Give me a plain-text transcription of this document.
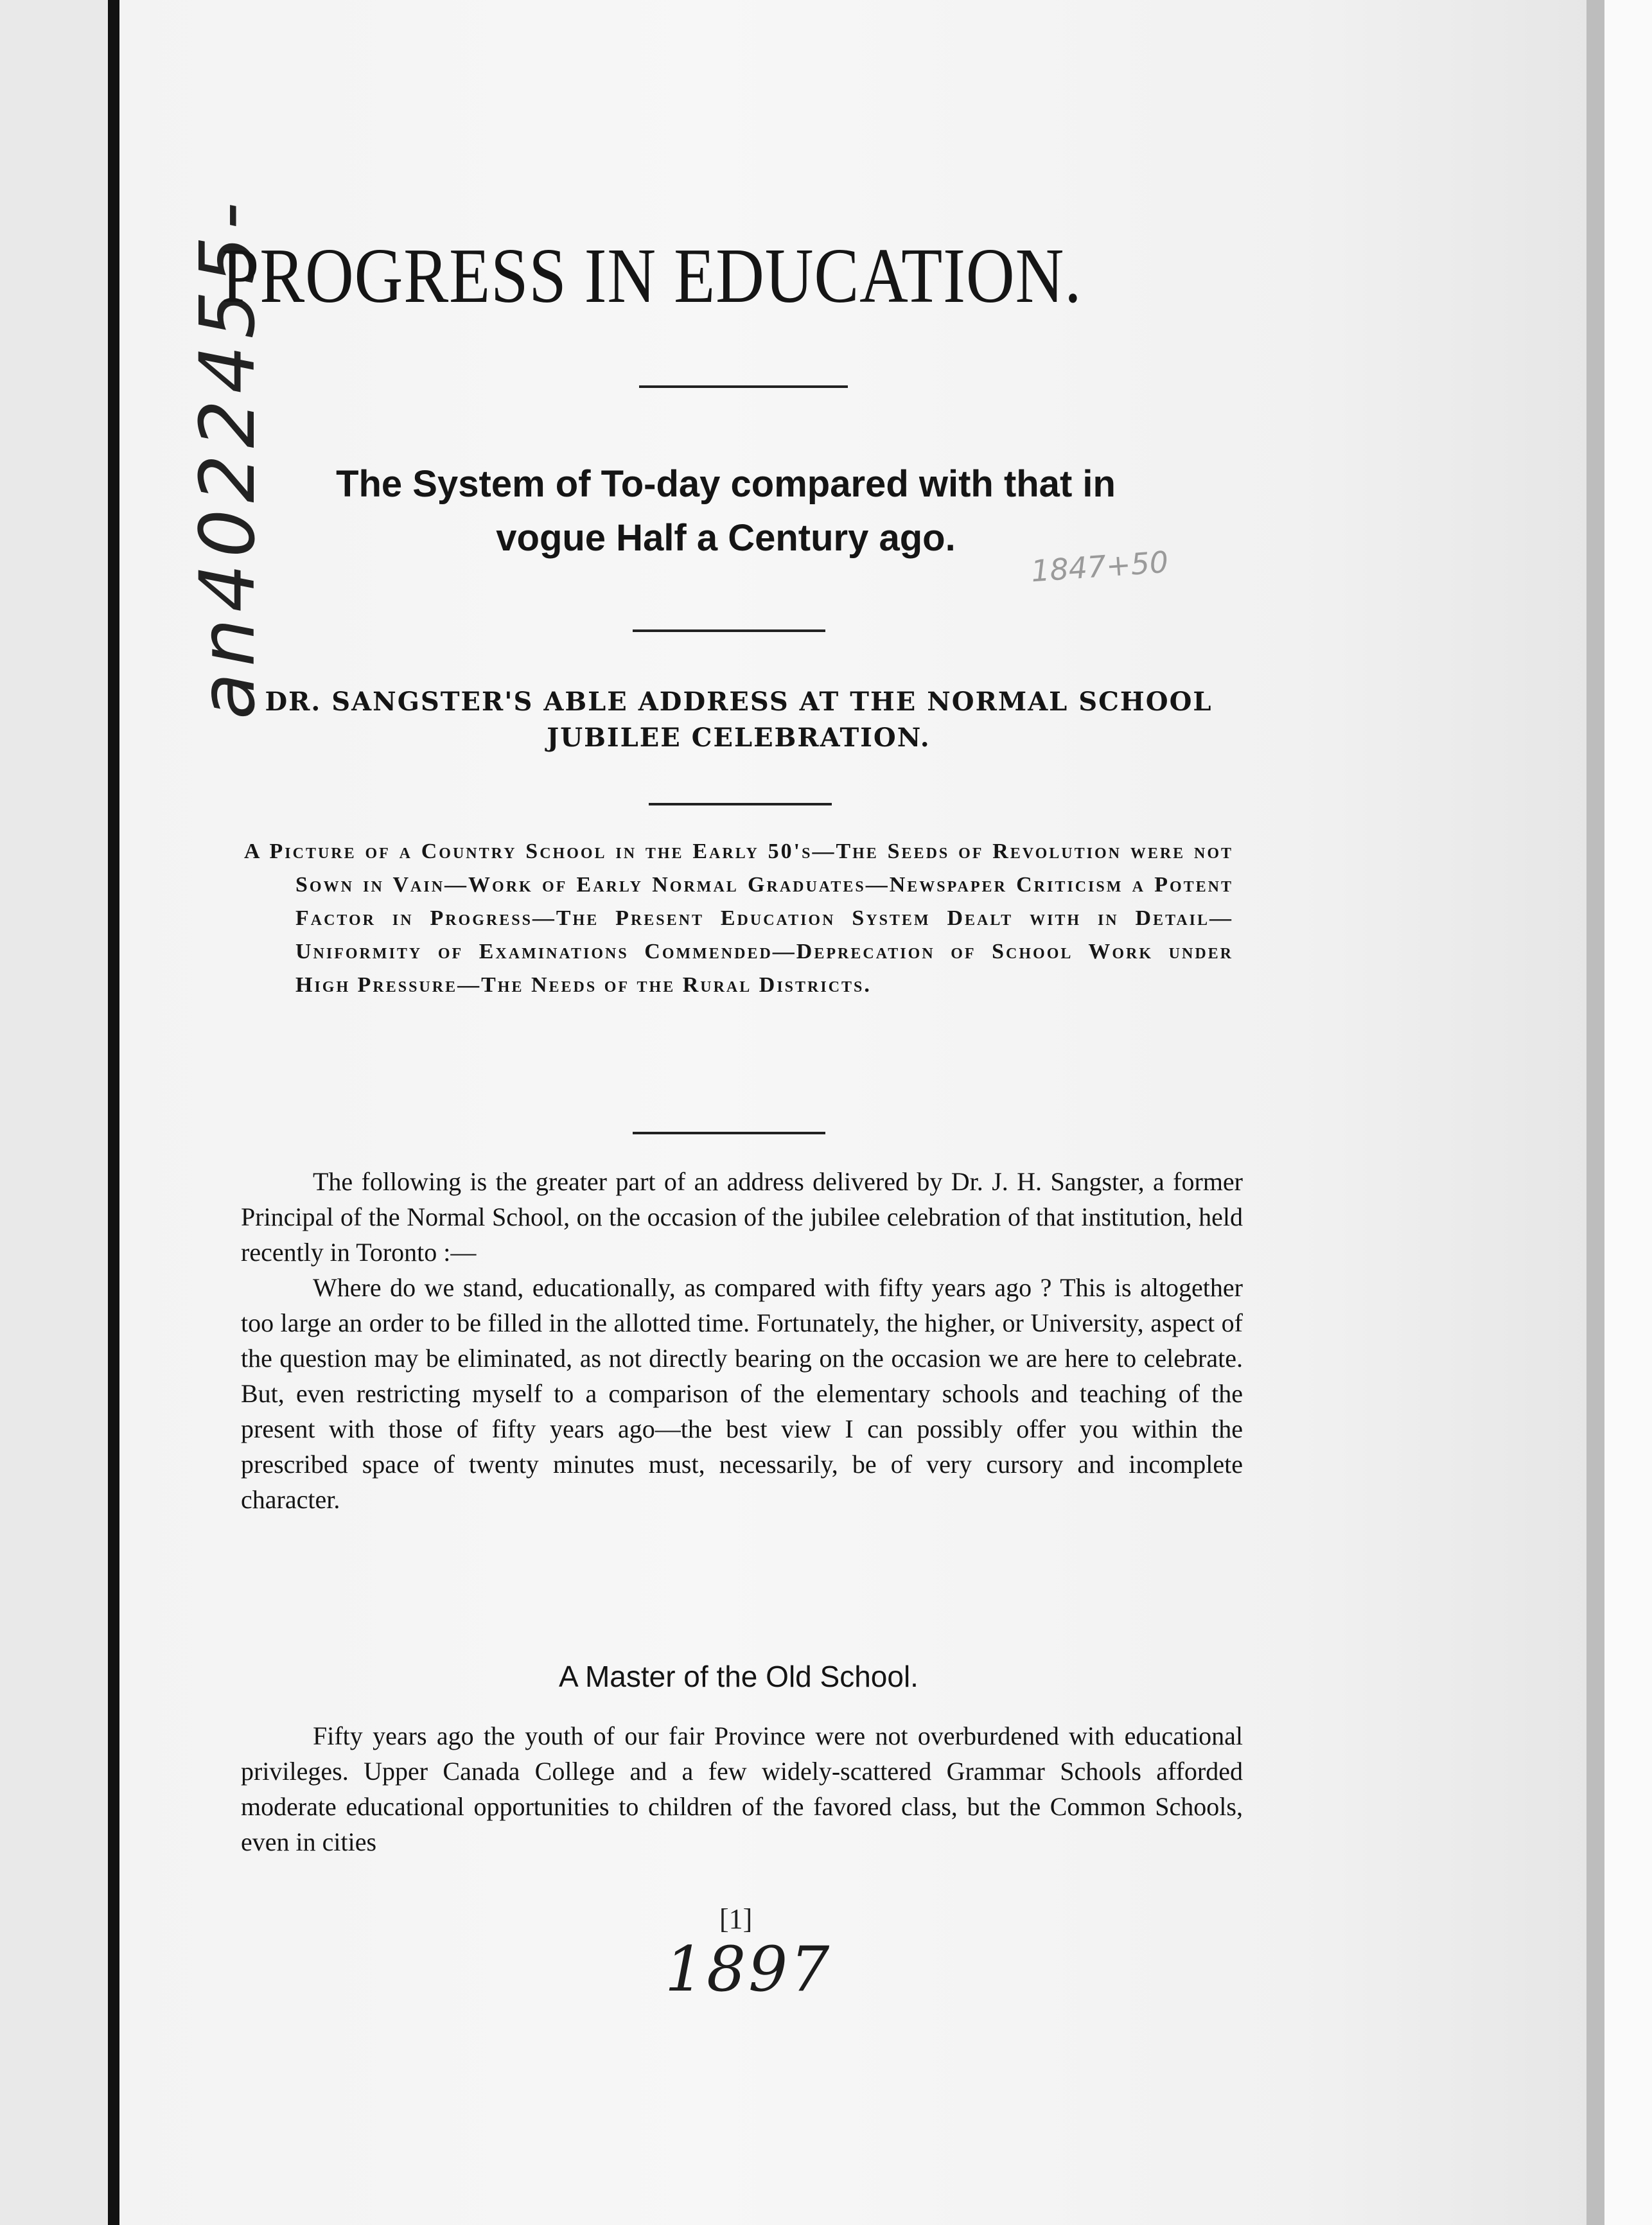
an4022455-
PROGRESS IN EDUCATION.
The System of To-day compared with that in
vogue Half a Century ago.
1847+50
DR. SANGSTER'S ABLE ADDRESS AT THE NORMAL SCHOOL
JUBILEE CELEBRATION.
A Picture of a Country School in the Early 50's—The Seeds of Revolution were not Sown in Vain—Work of Early Normal Graduates—Newspaper Criticism a Potent Factor in Progress—The Present Education System Dealt with in Detail—Uniformity of Examinations Commended—Deprecation of School Work under High Pressure—The Needs of the Rural Districts.

The following is the greater part of an address delivered by Dr. J. H. Sangster, a former Principal of the Normal School, on the occasion of the jubilee celebration of that institution, held recently in Toronto :—

Where do we stand, educationally, as compared with fifty years ago ? This is altogether too large an order to be filled in the allotted time. Fortunately, the higher, or University, aspect of the question may be eliminated, as not directly bearing on the occasion we are here to celebrate. But, even restricting myself to a comparison of the elementary schools and teaching of the present with those of fifty years ago—the best view I can possibly offer you within the prescribed space of twenty minutes must, necessarily, be of very cursory and incomplete character.

A Master of the Old School.

Fifty years ago the youth of our fair Province were not overburdened with educational privileges. Upper Canada College and a few widely-scattered Grammar Schools afforded moderate educational opportunities to children of the favored class, but the Common Schools, even in cities

[1]
1897
